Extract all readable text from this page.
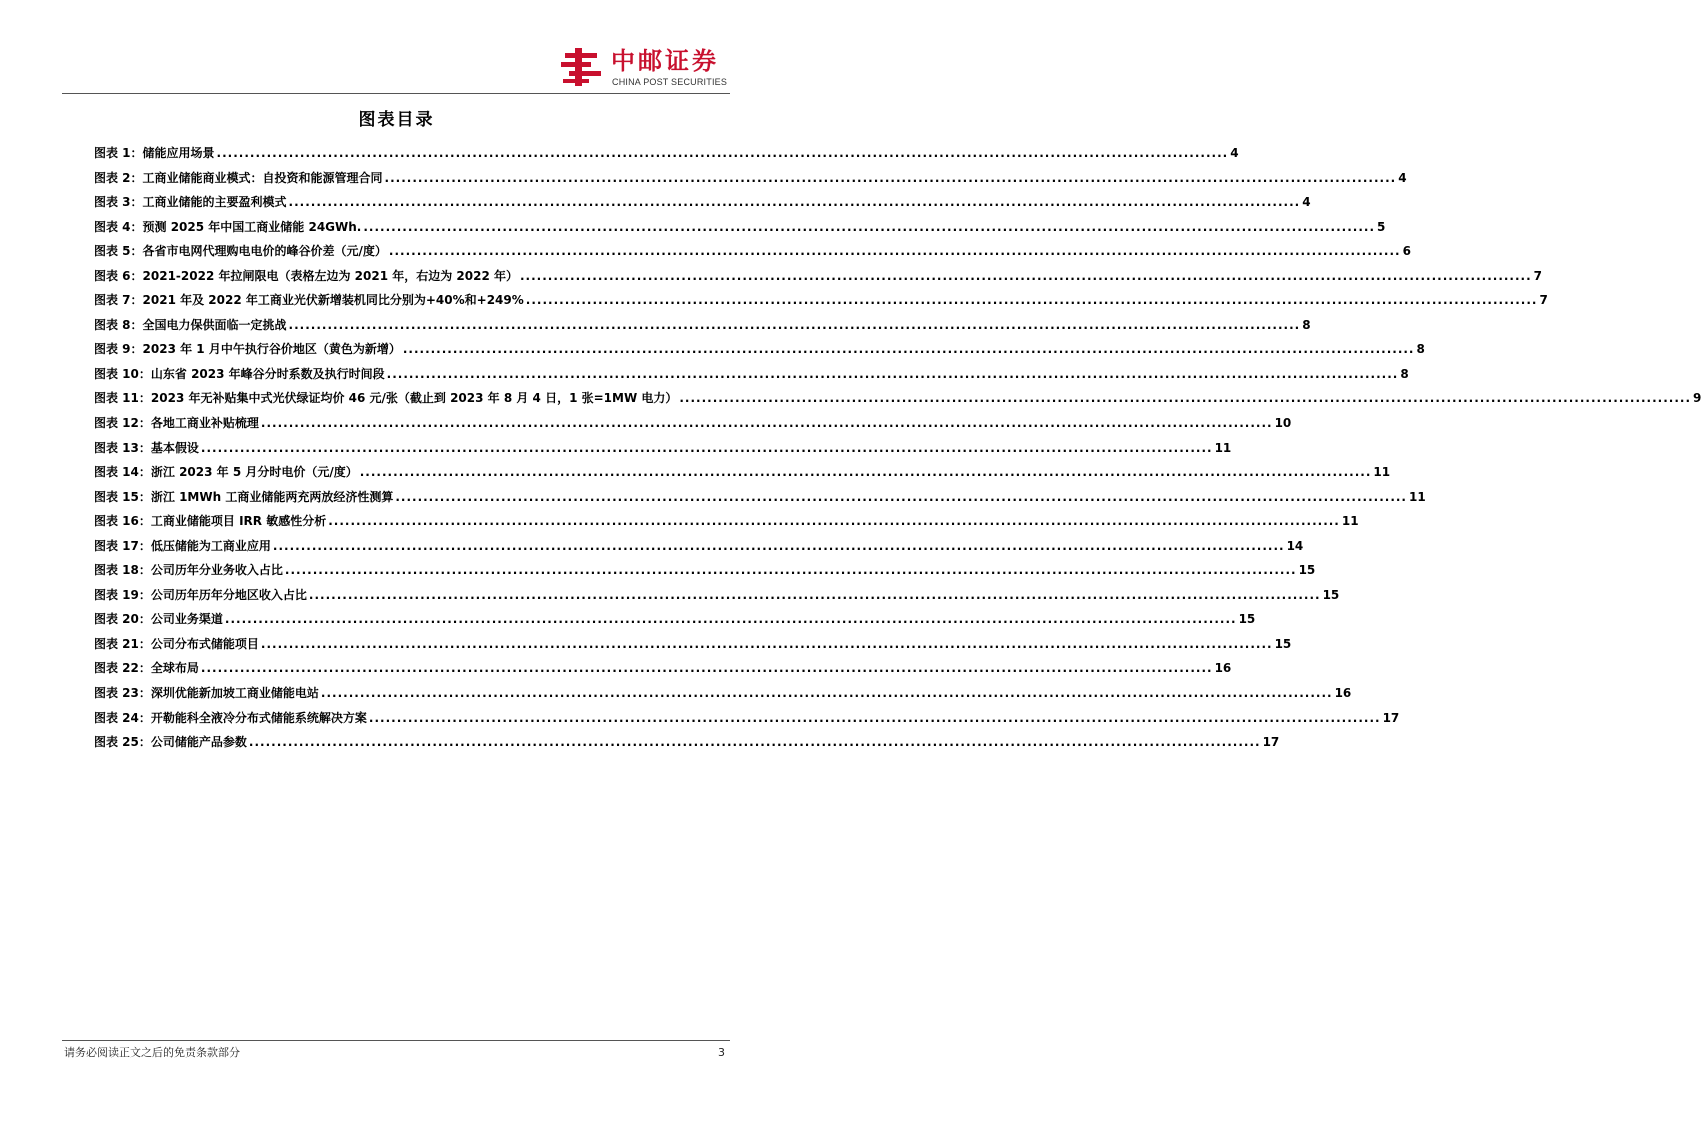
中邮证券
CHINA POST SECURITIES
图表目录
图表 1： 储能应用场景 .....	4
图表 2： 工商业储能商业模式：自投资和能源管理合同 .....	4
图表 3： 工商业储能的主要盈利模式 .....	4
图表 4： 预测 2025 年中国工商业储能 24GWh. .....	5
图表 5： 各省市电网代理购电电价的峰谷价差（元/度） .....	6
图表 6： 2021-2022 年拉闸限电（表格左边为 2021 年，右边为 2022 年） .....	7
图表 7： 2021 年及 2022 年工商业光伏新增装机同比分别为+40%和+249% .....	7
图表 8： 全国电力保供面临一定挑战 .....	8
图表 9： 2023 年 1 月中午执行谷价地区（黄色为新增） .....	8
图表 10： 山东省 2023 年峰谷分时系数及执行时间段 .....	8
图表 11： 2023 年无补贴集中式光伏绿证均价 46 元/张（截止到 2023 年 8 月 4 日，1 张=1MW 电力） .....	9
图表 12： 各地工商业补贴梳理 .....	10
图表 13： 基本假设 .....	11
图表 14： 浙江 2023 年 5 月分时电价（元/度） .....	11
图表 15： 浙江 1MWh 工商业储能两充两放经济性测算 .....	11
图表 16： 工商业储能项目 IRR 敏感性分析 .....	11
图表 17： 低压储能为工商业应用 .....	14
图表 18： 公司历年分业务收入占比 .....	15
图表 19： 公司历年历年分地区收入占比 .....	15
图表 20： 公司业务渠道 .....	15
图表 21： 公司分布式储能项目 .....	15
图表 22： 全球布局 .....	16
图表 23： 深圳优能新加坡工商业储能电站 .....	16
图表 24： 开勒能科全液冷分布式储能系统解决方案 .....	17
图表 25： 公司储能产品参数 .....	17
请务必阅读正文之后的免责条款部分	3
